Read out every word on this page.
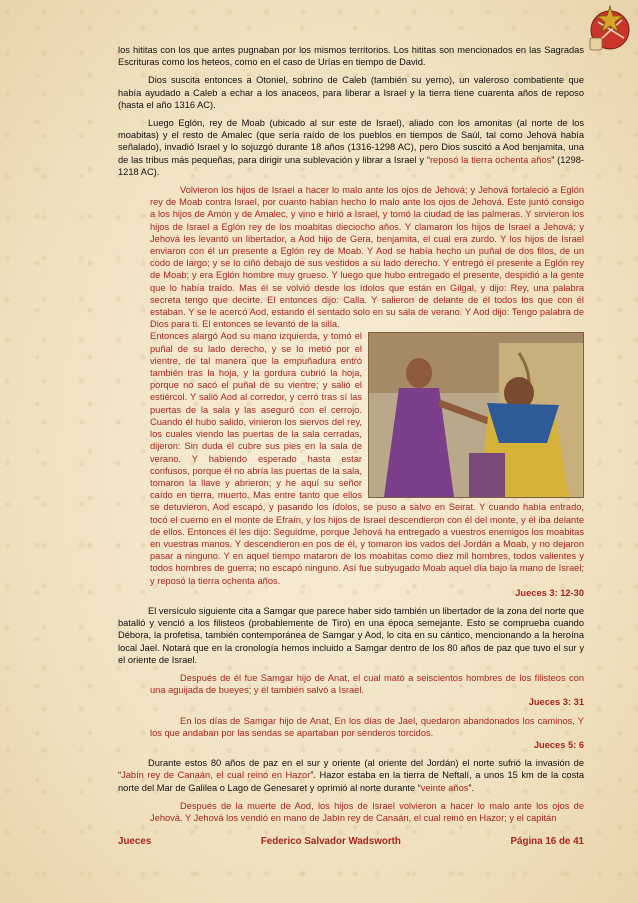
los hititas con los que antes pugnaban por los mismos territorios. Los hititas son mencionados en las Sagradas Escrituras como los heteos, como en el caso de Urías en tiempo de David.

Dios suscita entonces a Otoniel, sobrino de Caleb (también su yerno), un valeroso combatiente que había ayudado a Caleb a echar a los anaceos, para liberar a Israel y la tierra tiene cuarenta años de reposo (hasta el año 1316 AC).

Luego Eglón, rey de Moab (ubicado al sur este de Israel), aliado con los amonitas (al norte de los moabitas) y el resto de Amalec (que sería raído de los pueblos en tiempos de Saúl, tal como Jehová había señalado), invadió Israel y lo sojuzgó durante 18 años (1316-1298 AC), pero Dios suscitó a Aod benjamita, una de las tribus más pequeñas, para dirigir una sublevación y librar a Israel y “reposó la tierra ochenta años” (1298-1218 AC).

Volvieron los hijos de Israel a hacer lo malo ante los ojos de Jehová; y Jehová fortaleció a Eglón rey de Moab contra Israel, por cuanto habían hecho lo malo ante los ojos de Jehová. Este juntó consigo a los hijos de Amón y de Amalec, y vino e hirió a Israel, y tomó la ciudad de las palmeras. Y sirvieron los hijos de Israel a Eglón rey de los moabitas dieciocho años. Y clamaron los hijos de Israel a Jehová; y Jehová les levantó un libertador, a Aod hijo de Gera, benjamita, el cual era zurdo. Y los hijos de Israel enviaron con él un presente a Eglón rey de Moab. Y Aod se había hecho un puñal de dos filos, de un codo de largo; y se lo ciñó debajo de sus vestidos a su lado derecho. Y entregó el presente a Eglón rey de Moab; y era Eglón hombre muy grueso. Y luego que hubo entregado el presente, despidió a la gente que lo había traído. Mas él se volvió desde los ídolos que están en Gilgal, y dijo: Rey, una palabra secreta tengo que decirte. El entonces dijo: Calla. Y salieron de delante de él todos los que con él estaban. Y se le acercó Aod, estando él sentado solo en su sala de verano. Y Aod dijo: Tengo palabra de Dios para ti. El entonces se levantó de la silla.

Entonces alargó Aod su mano izquierda, y tomó el puñal de su lado derecho, y se lo metió por el vientre, de tal manera que la empuñadura entró también tras la hoja, y la gordura cubrió la hoja, porque no sacó el puñal de su vientre; y salió el estiércol. Y salió Aod al corredor, y cerró tras sí las puertas de la sala y las aseguró con el cerrojo. Cuando él hubo salido, vinieron los siervos del rey, los cuales viendo las puertas de la sala cerradas, dijeron: Sin duda él cubre sus pies en la sala de verano. Y habiendo esperado hasta estar confusos, porque él no abría las puertas de la sala, tomaron la llave y abrieron; y he aquí su señor caído en tierra, muerto. Mas entre tanto que ellos se detuvieron, Aod escapó, y pasando los ídolos, se puso a salvo en Seirat. Y cuando había entrado, tocó el cuerno en el monte de Efraín, y los hijos de Israel descendieron con él del monte, y él iba delante de ellos. Entonces él les dijo: Seguidme, porque Jehová ha entregado a vuestros enemigos los moabitas en vuestras manos. Y descendieron en pos de él, y tomaron los vados del Jordán a Moab, y no dejaron pasar a ninguno. Y en aquel tiempo mataron de los moabitas como diez mil hombres, todos valientes y todos hombres de guerra; no escapó ninguno. Así fue subyugado Moab aquel día bajo la mano de Israel; y reposó la tierra ochenta años.

Jueces 3: 12-30

El versículo siguiente cita a Samgar que parece haber sido también un libertador de la zona del norte que batalló y venció a los filisteos (probablemente de Tiro) en una época semejante. Esto se comprueba cuando Débora, la profetisa, también contemporánea de Samgar y Aod, lo cita en su cántico, mencionando a la heroína local Jael. Notará que en la cronología hemos incluido a Samgar dentro de los 80 años de paz que tuvo el sur y el oriente de Israel.

Después de él fue Samgar hijo de Anat, el cual mató a seiscientos hombres de los filisteos con una aguijada de bueyes; y él también salvó a Israel.

Jueces 3: 31

En los días de Samgar hijo de Anat, En los días de Jael, quedaron abandonados los caminos, Y los que andaban por las sendas se apartaban por senderos torcidos.

Jueces 5: 6

Durante estos 80 años de paz en el sur y oriente (al oriente del Jordán) el norte sufrió la invasión de “Jabín rey de Canaán, el cual reinó en Hazor”. Hazor estaba en la tierra de Neftalí, a unos 15 km de la costa norte del Mar de Galilea o Lago de Genesaret y oprimió al norte durante “veinte años”.

Después de la muerte de Aod, los hijos de Israel volvieron a hacer lo malo ante los ojos de Jehová. Y Jehová los vendió en mano de Jabín rey de Canaán, el cual reinó en Hazor; y el capitán

Jueces	Federico Salvador Wadsworth	Página 16 de 41
